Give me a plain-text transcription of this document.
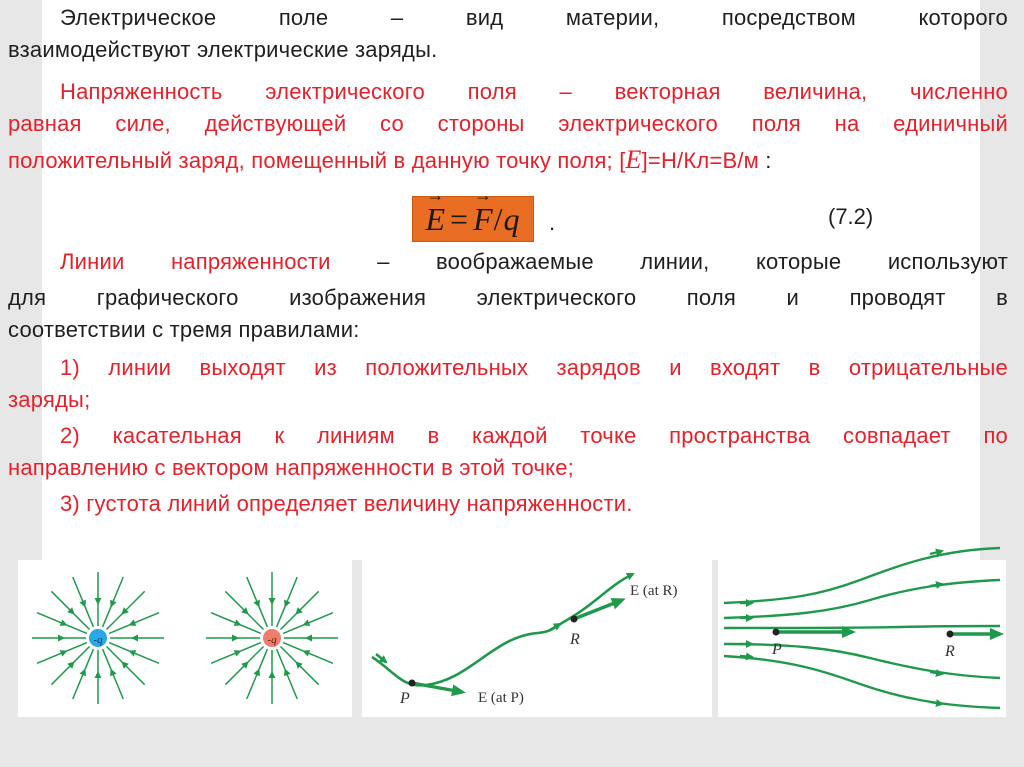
Электрическое поле – вид материи, посредством которого

взаимодействуют электрические заряды.

Напряженность электрического поля – векторная величина, численно

равная силе, действующей со стороны электрического поля на единичный

положительный заряд, помещенный в данную точку поля; [E]=Н/Кл=В/м :

→ E =→ F/q .	(7.2)

Линии напряженности – воображаемые линии, которые используют

для графического изображения электрического поля и проводят в

соответствии с тремя правилами:

1) линии выходят из положительных зарядов и входят в отрицательные

заряды;

2) касательная к линиям в каждой точке пространства совпадает по

направлению с вектором напряженности в этой точке;

3) густота линий определяет величину напряженности.

-q	-q
P
R
E (at R)
E (at P)
P	R
